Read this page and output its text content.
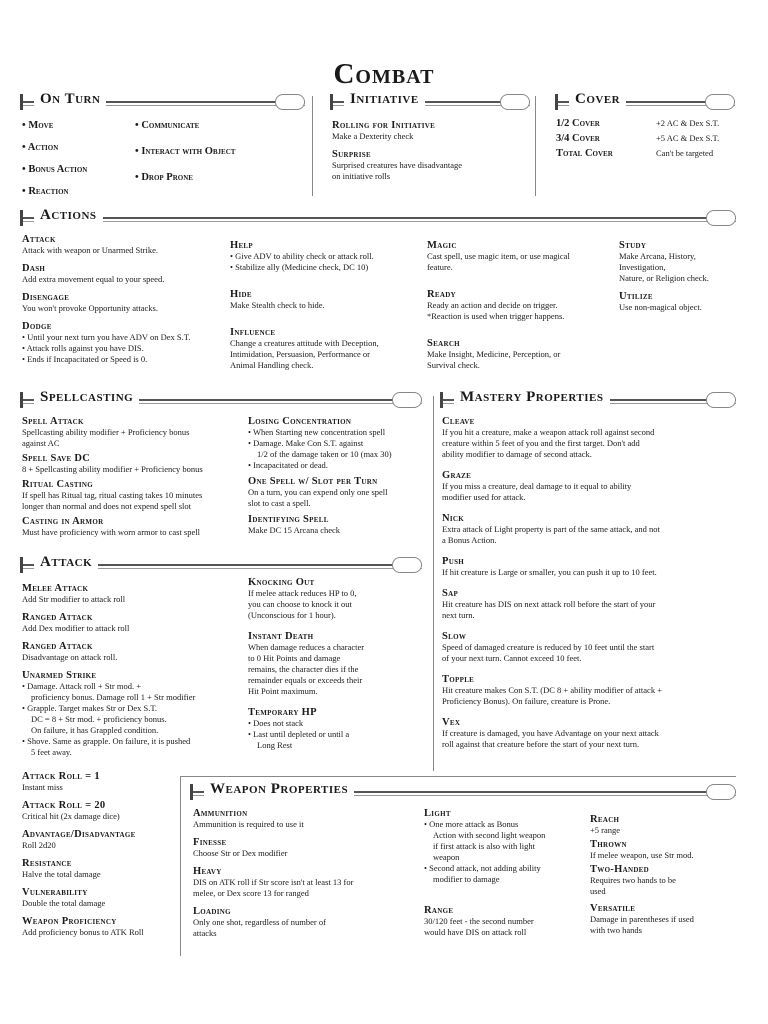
Combat
On Turn
• Move
• Action
• Bonus Action
• Reaction
• Communicate
• Interact with Object
• Drop Prone
Initiative
Rolling for Initiative
Make a Dexterity check
Surprise
Surprised creatures have disadvantage
on initiative rolls
Cover
1/2 Cover	+2 AC & Dex S.T.
3/4 Cover	+5 AC & Dex S.T.
Total Cover	Can't be targeted
Actions
Attack
Attack with weapon or Unarmed Strike.
Dash
Add extra movement equal to your speed.
Disengage
You won't provoke Opportunity attacks.
Dodge
• Until your next turn you have ADV on Dex S.T.
• Attack rolls against you have DIS.
• Ends if Incapacitated or Speed is 0.
Help
• Give ADV to ability check or attack roll.
• Stabilize ally (Medicine check, DC 10)
Hide
Make Stealth check to hide.
Influence
Change a creatures attitude with Deception,
Intimidation, Persuasion, Performance or
Animal Handling check.
Magic
Cast spell, use magic item, or use magical
feature.
Ready
Ready an action and decide on trigger.
*Reaction is used when trigger happens.
Search
Make Insight, Medicine, Perception, or
Survival check.
Study
Make Arcana, History,
Investigation,
Nature, or Religion check.
Utilize
Use non-magical object.
Spellcasting
Spell Attack
Spellcasting ability modifier + Proficiency bonus
against AC
Spell Save DC
8 + Spellcasting ability modifier + Proficiency bonus
Ritual Casting
If spell has Ritual tag, ritual casting takes 10 minutes
longer than normal and does not expend spell slot
Casting in Armor
Must have proficiency with worn armor to cast spell
Losing Concentration
• When Starting new concentration spell
• Damage. Make Con S.T. against
1/2 of the damage taken or 10 (max 30)
• Incapacitated or dead.
One Spell w/ Slot per Turn
On a turn, you can expend only one spell
slot to cast a spell.
Identifying Spell
Make DC 15 Arcana check
Mastery Properties
Cleave
If you hit a creature, make a weapon attack roll against second
creature within 5 feet of you and the first target. Don't add
ability modifier to damage of second attack.
Graze
If you miss a creature, deal damage to it equal to ability
modifier used for attack.
Nick
Extra attack of Light property is part of the same attack, and not
a Bonus Action.
Push
If hit creature is Large or smaller, you can push it up to 10 feet.
Sap
Hit creature has DIS on next attack roll before the start of your
next turn.
Slow
Speed of damaged creature is reduced by 10 feet until the start
of your next turn. Cannot exceed 10 feet.
Topple
Hit creature makes Con S.T. (DC 8 + ability modifier of attack +
Proficiency Bonus). On failure, creature is Prone.
Vex
If creature is damaged, you have Advantage on your next attack
roll against that creature before the start of your next turn.
Attack
Melee Attack
Add Str modifier to attack roll
Ranged Attack
Add Dex modifier to attack roll
Ranged Attack
Disadvantage on attack roll.
Unarmed Strike
• Damage. Attack roll + Str mod. +
proficiency bonus. Damage roll 1 + Str modifier
• Grapple. Target makes Str or Dex S.T.
DC = 8 + Str mod. + proficiency bonus.
On failure, it has Grappled condition.
• Shove. Same as grapple. On failure, it is pushed
5 feet away.
Knocking Out
If melee attack reduces HP to 0,
you can choose to knock it out
(Unconscious for 1 hour).
Instant Death
When damage reduces a character
to 0 Hit Points and damage
remains, the character dies if the
remainder equals or exceeds their
Hit Point maximum.
Temporary HP
• Does not stack
• Last until depleted or until a
Long Rest
Attack Roll = 1
Instant miss
Attack Roll = 20
Critical hit (2x damage dice)
Advantage/Disadvantage
Roll 2d20
Resistance
Halve the total damage
Vulnerability
Double the total damage
Weapon Proficiency
Add proficiency bonus to ATK Roll
Weapon Properties
Ammunition
Ammunition is required to use it
Finesse
Choose Str or Dex modifier
Heavy
DIS on ATK roll if Str score isn't at least 13 for
melee, or Dex score 13 for ranged
Loading
Only one shot, regardless of number of
attacks
Light
• One more attack as Bonus
Action with second light weapon
if first attack is also with light
weapon
• Second attack, not adding ability
modifier to damage
Range
30/120 feet - the second number
would have DIS on attack roll
Reach
+5 range
Thrown
If melee weapon, use Str mod.
Two-Handed
Requires two hands to be
used
Versatile
Damage in parentheses if used
with two hands
